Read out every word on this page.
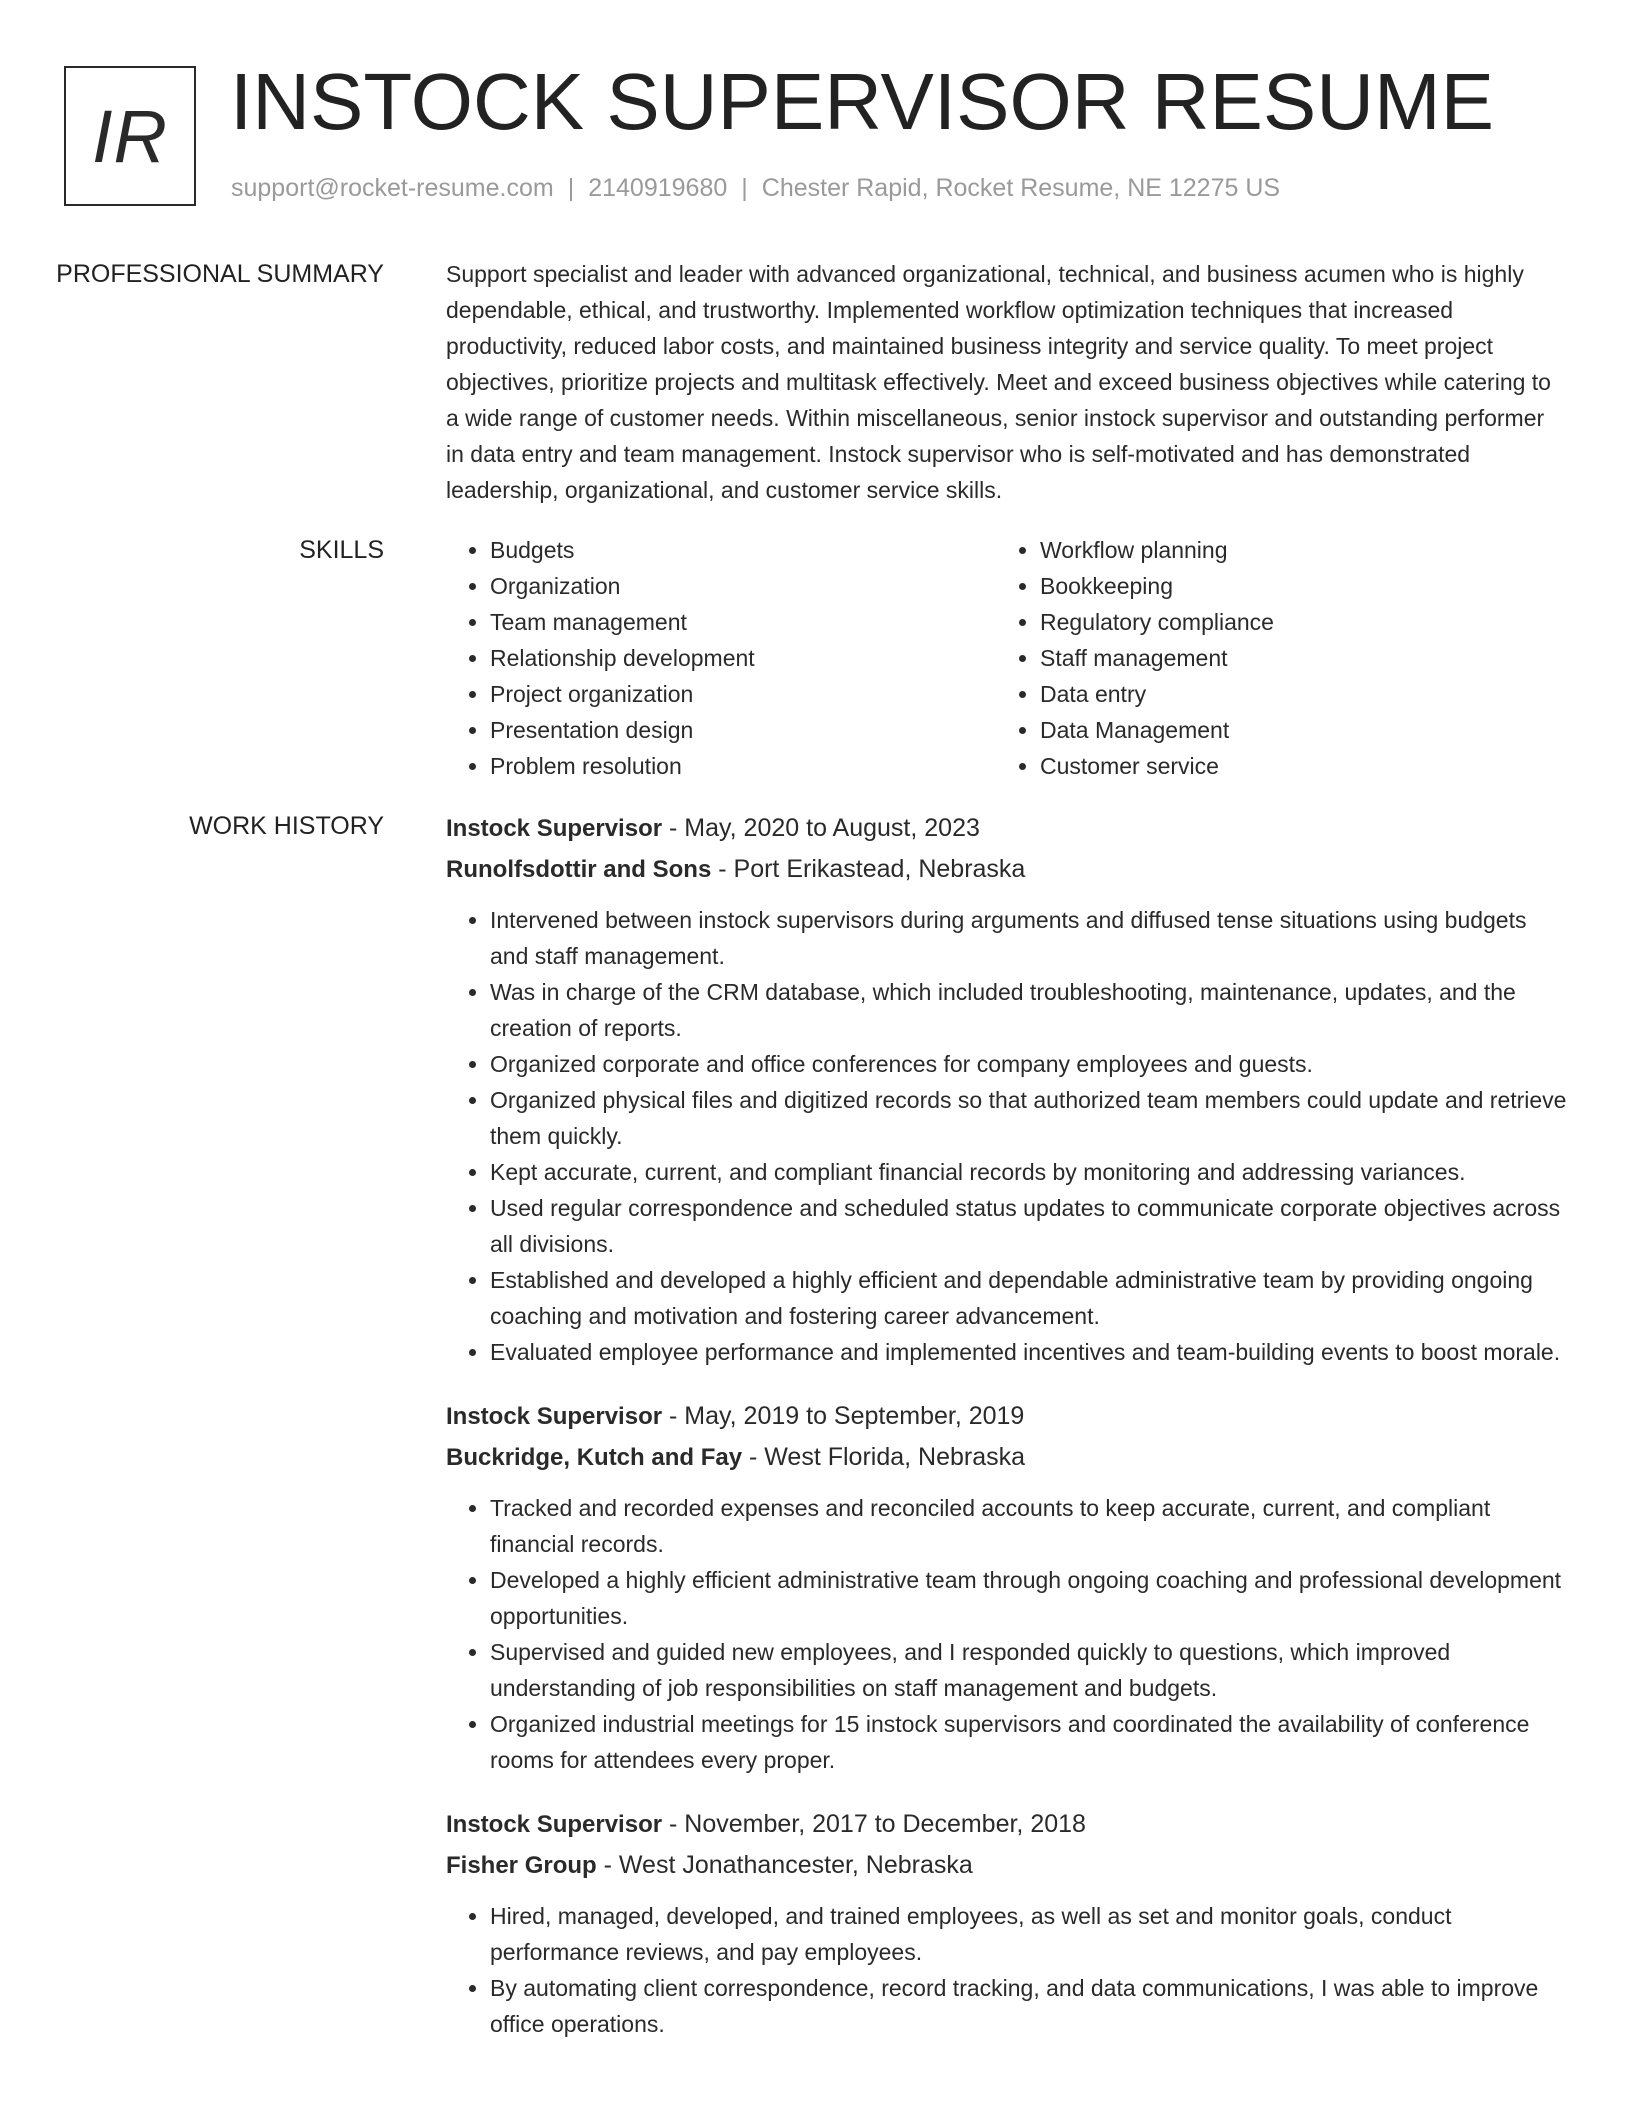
IR INSTOCK SUPERVISOR RESUME
support@rocket-resume.com | 2140919680 | Chester Rapid, Rocket Resume, NE 12275 US
PROFESSIONAL SUMMARY	Support specialist and leader with advanced organizational, technical, and business acumen who is highly dependable, ethical, and trustworthy. Implemented workflow optimization techniques that increased productivity, reduced labor costs, and maintained business integrity and service quality. To meet project objectives, prioritize projects and multitask effectively. Meet and exceed business objectives while catering to a wide range of customer needs. Within miscellaneous, senior instock supervisor and outstanding performer in data entry and team management. Instock supervisor who is self-motivated and has demonstrated leadership, organizational, and customer service skills.

SKILLS
•	Budgets
• Organization
• Team management
• Relationship development
• Project organization
• Presentation design
• Problem resolution
• Workflow planning
• Bookkeeping
• Regulatory compliance
• Staff management
• Data entry
• Data Management
• Customer service
WORK HISTORY	Instock Supervisor - May, 2020 to August, 2023
Runolfsdottir and Sons - Port Erikastead, Nebraska
• Intervened between instock supervisors during arguments and diffused tense situations using budgets and staff management.
• Was in charge of the CRM database, which included troubleshooting, maintenance, updates, and the creation of reports.
• Organized corporate and office conferences for company employees and guests.
• Organized physical files and digitized records so that authorized team members could update and retrieve them quickly.
• Kept accurate, current, and compliant financial records by monitoring and addressing variances.
• Used regular correspondence and scheduled status updates to communicate corporate objectives across all divisions.
• Established and developed a highly efficient and dependable administrative team by providing ongoing coaching and motivation and fostering career advancement.
• Evaluated employee performance and implemented incentives and team-building events to boost morale.
Instock Supervisor - May, 2019 to September, 2019
Buckridge, Kutch and Fay - West Florida, Nebraska
• Tracked and recorded expenses and reconciled accounts to keep accurate, current, and compliant financial records.
• Developed a highly efficient administrative team through ongoing coaching and professional development opportunities.
• Supervised and guided new employees, and I responded quickly to questions, which improved understanding of job responsibilities on staff management and budgets.
• Organized industrial meetings for 15 instock supervisors and coordinated the availability of conference rooms for attendees every proper.
Instock Supervisor - November, 2017 to December, 2018
Fisher Group - West Jonathancester, Nebraska
• Hired, managed, developed, and trained employees, as well as set and monitor goals, conduct performance reviews, and pay employees.
• By automating client correspondence, record tracking, and data communications, I was able to improve office operations.
